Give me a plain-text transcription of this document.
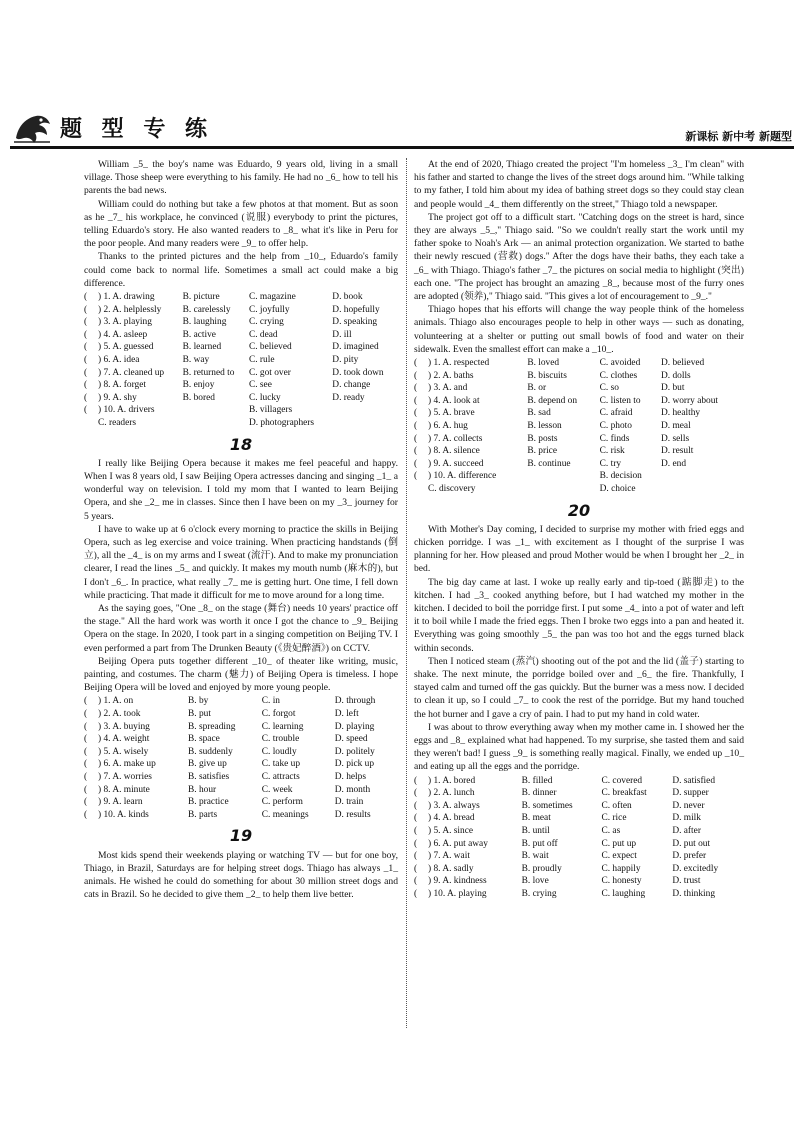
题 型 专 练	新课标 新中考 新题型

William _5_ the boy's name was Eduardo, 9 years old, living in a small village. Those sheep were everything to his family. He had no _6_ how to tell his parents the bad news.

William could do nothing but take a few photos at that moment. But as soon as he _7_ his workplace, he convinced (说服) everybody to print the pictures, telling Eduardo's story. He also wanted readers to _8_ what it's like in Peru for the poor people. And many readers were _9_ to offer help.

Thanks to the printed pictures and the help from _10_, Eduardo's family could come back to normal life. Sometimes a small act could make a big difference.

(	) 1. A. drawing	B. picture	C. magazine	D. book
(	) 2. A. helplessly	B. carelessly	C. joyfully	D. hopefully
(	) 3. A. playing	B. laughing	C. crying	D. speaking
(	) 4. A. asleep	B. active	C. dead	D. ill
(	) 5. A. guessed	B. learned	C. believed	D. imagined
(	) 6. A. idea	B. way	C. rule	D. pity
(	) 7. A. cleaned up	B. returned to	C. got over	D. took down
(	) 8. A. forget	B. enjoy	C. see	D. change
(	) 9. A. shy	B. bored	C. lucky	D. ready
(	) 10. A. drivers		B. villagers	
	C. readers		D. photographers	
18

I really like Beijing Opera because it makes me feel peaceful and happy. When I was 8 years old, I saw Beijing Opera actresses dancing and singing _1_ a wonderful way on television. I told my mom that I wanted to learn Beijing Opera, and she _2_ me in classes. Since then I have been on my _3_ journey for 5 years.

I have to wake up at 6 o'clock every morning to practice the skills in Beijing Opera, such as leg exercise and voice training. When practicing handstands (倒立), all the _4_ is on my arms and I sweat (流汗). And to make my pronunciation clearer, I read the lines _5_ and quickly. It makes my mouth numb (麻木的), but I don't _6_. In practice, what really _7_ me is getting hurt. One time, I fell down while practicing. That made it difficult for me to move around for a long time.

As the saying goes, "One _8_ on the stage (舞台) needs 10 years' practice off the stage." All the hard work was worth it once I got the chance to _9_ Beijing Opera on the stage. In 2020, I took part in a singing competition on Beijing TV. I even performed a part from The Drunken Beauty (《贵妃醉酒》) on CCTV.

Beijing Opera puts together different _10_ of theater like writing, music, painting, and costumes. The charm (魅力) of Beijing Opera is timeless. I hope Beijing Opera will be loved and enjoyed by more young people.

(	) 1. A. on	B. by	C. in	D. through
(	) 2. A. took	B. put	C. forgot	D. left
(	) 3. A. buying	B. spreading	C. learning	D. playing
(	) 4. A. weight	B. space	C. trouble	D. speed
(	) 5. A. wisely	B. suddenly	C. loudly	D. politely
(	) 6. A. make up	B. give up	C. take up	D. pick up
(	) 7. A. worries	B. satisfies	C. attracts	D. helps
(	) 8. A. minute	B. hour	C. week	D. month
(	) 9. A. learn	B. practice	C. perform	D. train
(	) 10. A. kinds	B. parts	C. meanings	D. results
19

Most kids spend their weekends playing or watching TV — but for one boy, Thiago, in Brazil, Saturdays are for helping street dogs. Thiago has always _1_ animals. He wished he could do something for about 30 million street dogs and cats in Brazil. So he decided to give them _2_ to help them live better.

At the end of 2020, Thiago created the project "I'm homeless _3_ I'm clean" with his father and started to change the lives of the street dogs around him. "While talking to my father, I told him about my idea of bathing street dogs so they could stay clean and people would _4_ them differently on the street," Thiago told a newspaper.

The project got off to a difficult start. "Catching dogs on the street is hard, since they are always _5_," Thiago said. "So we couldn't really start the work until my father spoke to Noah's Ark — an animal protection organization. We started to bathe their newly rescued (营救) dogs." After the dogs have their baths, they each take a _6_ with Thiago. Thiago's father _7_ the pictures on social media to highlight (突出) each one. "The project has brought an amazing _8_, because most of the furry ones are adopted (领养)," Thiago said. "This gives a lot of encouragement to _9_."

Thiago hopes that his efforts will change the way people think of the homeless animals. Thiago also encourages people to help in other ways — such as donating, volunteering at a shelter or putting out small bowls of food and water on their sidewalk. Even the smallest effort can make a _10_.

(	) 1. A. respected	B. loved	C. avoided	D. believed
(	) 2. A. baths	B. biscuits	C. clothes	D. dolls
(	) 3. A. and	B. or	C. so	D. but
(	) 4. A. look at	B. depend on	C. listen to	D. worry about
(	) 5. A. brave	B. sad	C. afraid	D. healthy
(	) 6. A. hug	B. lesson	C. photo	D. meal
(	) 7. A. collects	B. posts	C. finds	D. sells
(	) 8. A. silence	B. price	C. risk	D. result
(	) 9. A. succeed	B. continue	C. try	D. end
(	) 10. A. difference		B. decision	
	C. discovery		D. choice	
20

With Mother's Day coming, I decided to surprise my mother with fried eggs and chicken porridge. I was _1_ with excitement as I thought of the surprise I was planning for her. How pleased and proud Mother would be when I brought her _2_ in bed.

The big day came at last. I woke up really early and tip-toed (踮脚走) to the kitchen. I had _3_ cooked anything before, but I had watched my mother in the kitchen. I decided to boil the porridge first. I put some _4_ into a pot of water and left it to boil while I made the fried eggs. Then I broke two eggs into a pan and heated it. Everything was going smoothly _5_ the pan was too hot and the eggs turned black within seconds.

Then I noticed steam (蒸汽) shooting out of the pot and the lid (盖子) starting to shake. The next minute, the porridge boiled over and _6_ the fire. Thankfully, I stayed calm and turned off the gas quickly. But the burner was a mess now. I decided to clean it up, so I could _7_ to cook the rest of the porridge. But my hand touched the hot burner and I gave a cry of pain. I had to put my hand in cold water.

I was about to throw everything away when my mother came in. I showed her the eggs and _8_ explained what had happened. To my surprise, she tasted them and said they weren't bad! I guess _9_ is something really magical. Finally, we ended up _10_ and eating up all the eggs and the porridge.

(	) 1. A. bored	B. filled	C. covered	D. satisfied
(	) 2. A. lunch	B. dinner	C. breakfast	D. supper
(	) 3. A. always	B. sometimes	C. often	D. never
(	) 4. A. bread	B. meat	C. rice	D. milk
(	) 5. A. since	B. until	C. as	D. after
(	) 6. A. put away	B. put off	C. put up	D. put out
(	) 7. A. wait	B. wait	C. expect	D. prefer
(	) 8. A. sadly	B. proudly	C. happily	D. excitedly
(	) 9. A. kindness	B. love	C. honesty	D. trust
(	) 10. A. playing	B. crying	C. laughing	D. thinking
